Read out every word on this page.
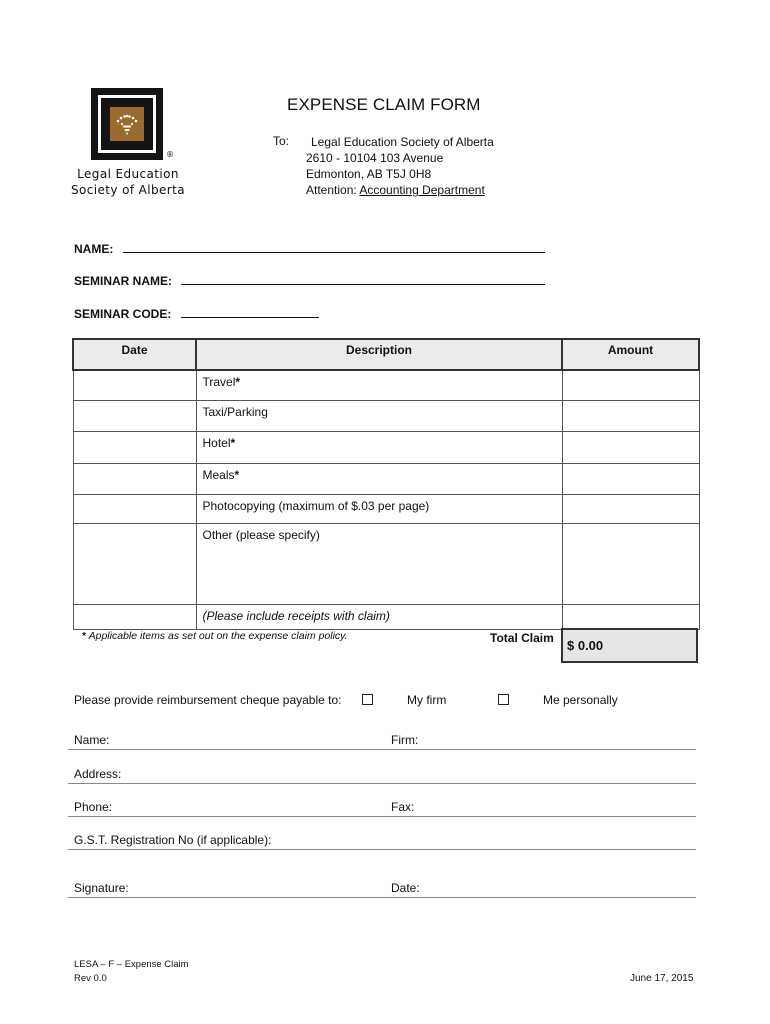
®
Legal Education
Society of Alberta
EXPENSE CLAIM FORM
To:	Legal Education Society of Alberta
2610 - 10104 103 Avenue
Edmonton, AB T5J 0H8
Attention: Accounting Department
NAME:
SEMINAR NAME:
SEMINAR CODE:
Date	Description	Amount
	Travel*	
	Taxi/Parking	
	Hotel*	
	Meals*	
	Photocopying (maximum of $.03 per page)	
	Other (please specify)	
	(Please include receipts with claim)	
* Applicable items as set out on the expense claim policy.	Total Claim	$ 0.00
Please provide reimbursement cheque payable to:	My firm	Me personally
Name:	Firm:
Address:
Phone:	Fax:
G.S.T. Registration No (if applicable):
Signature:	Date:
LESA – F – Expense Claim
Rev 0.0	June 17, 2015
